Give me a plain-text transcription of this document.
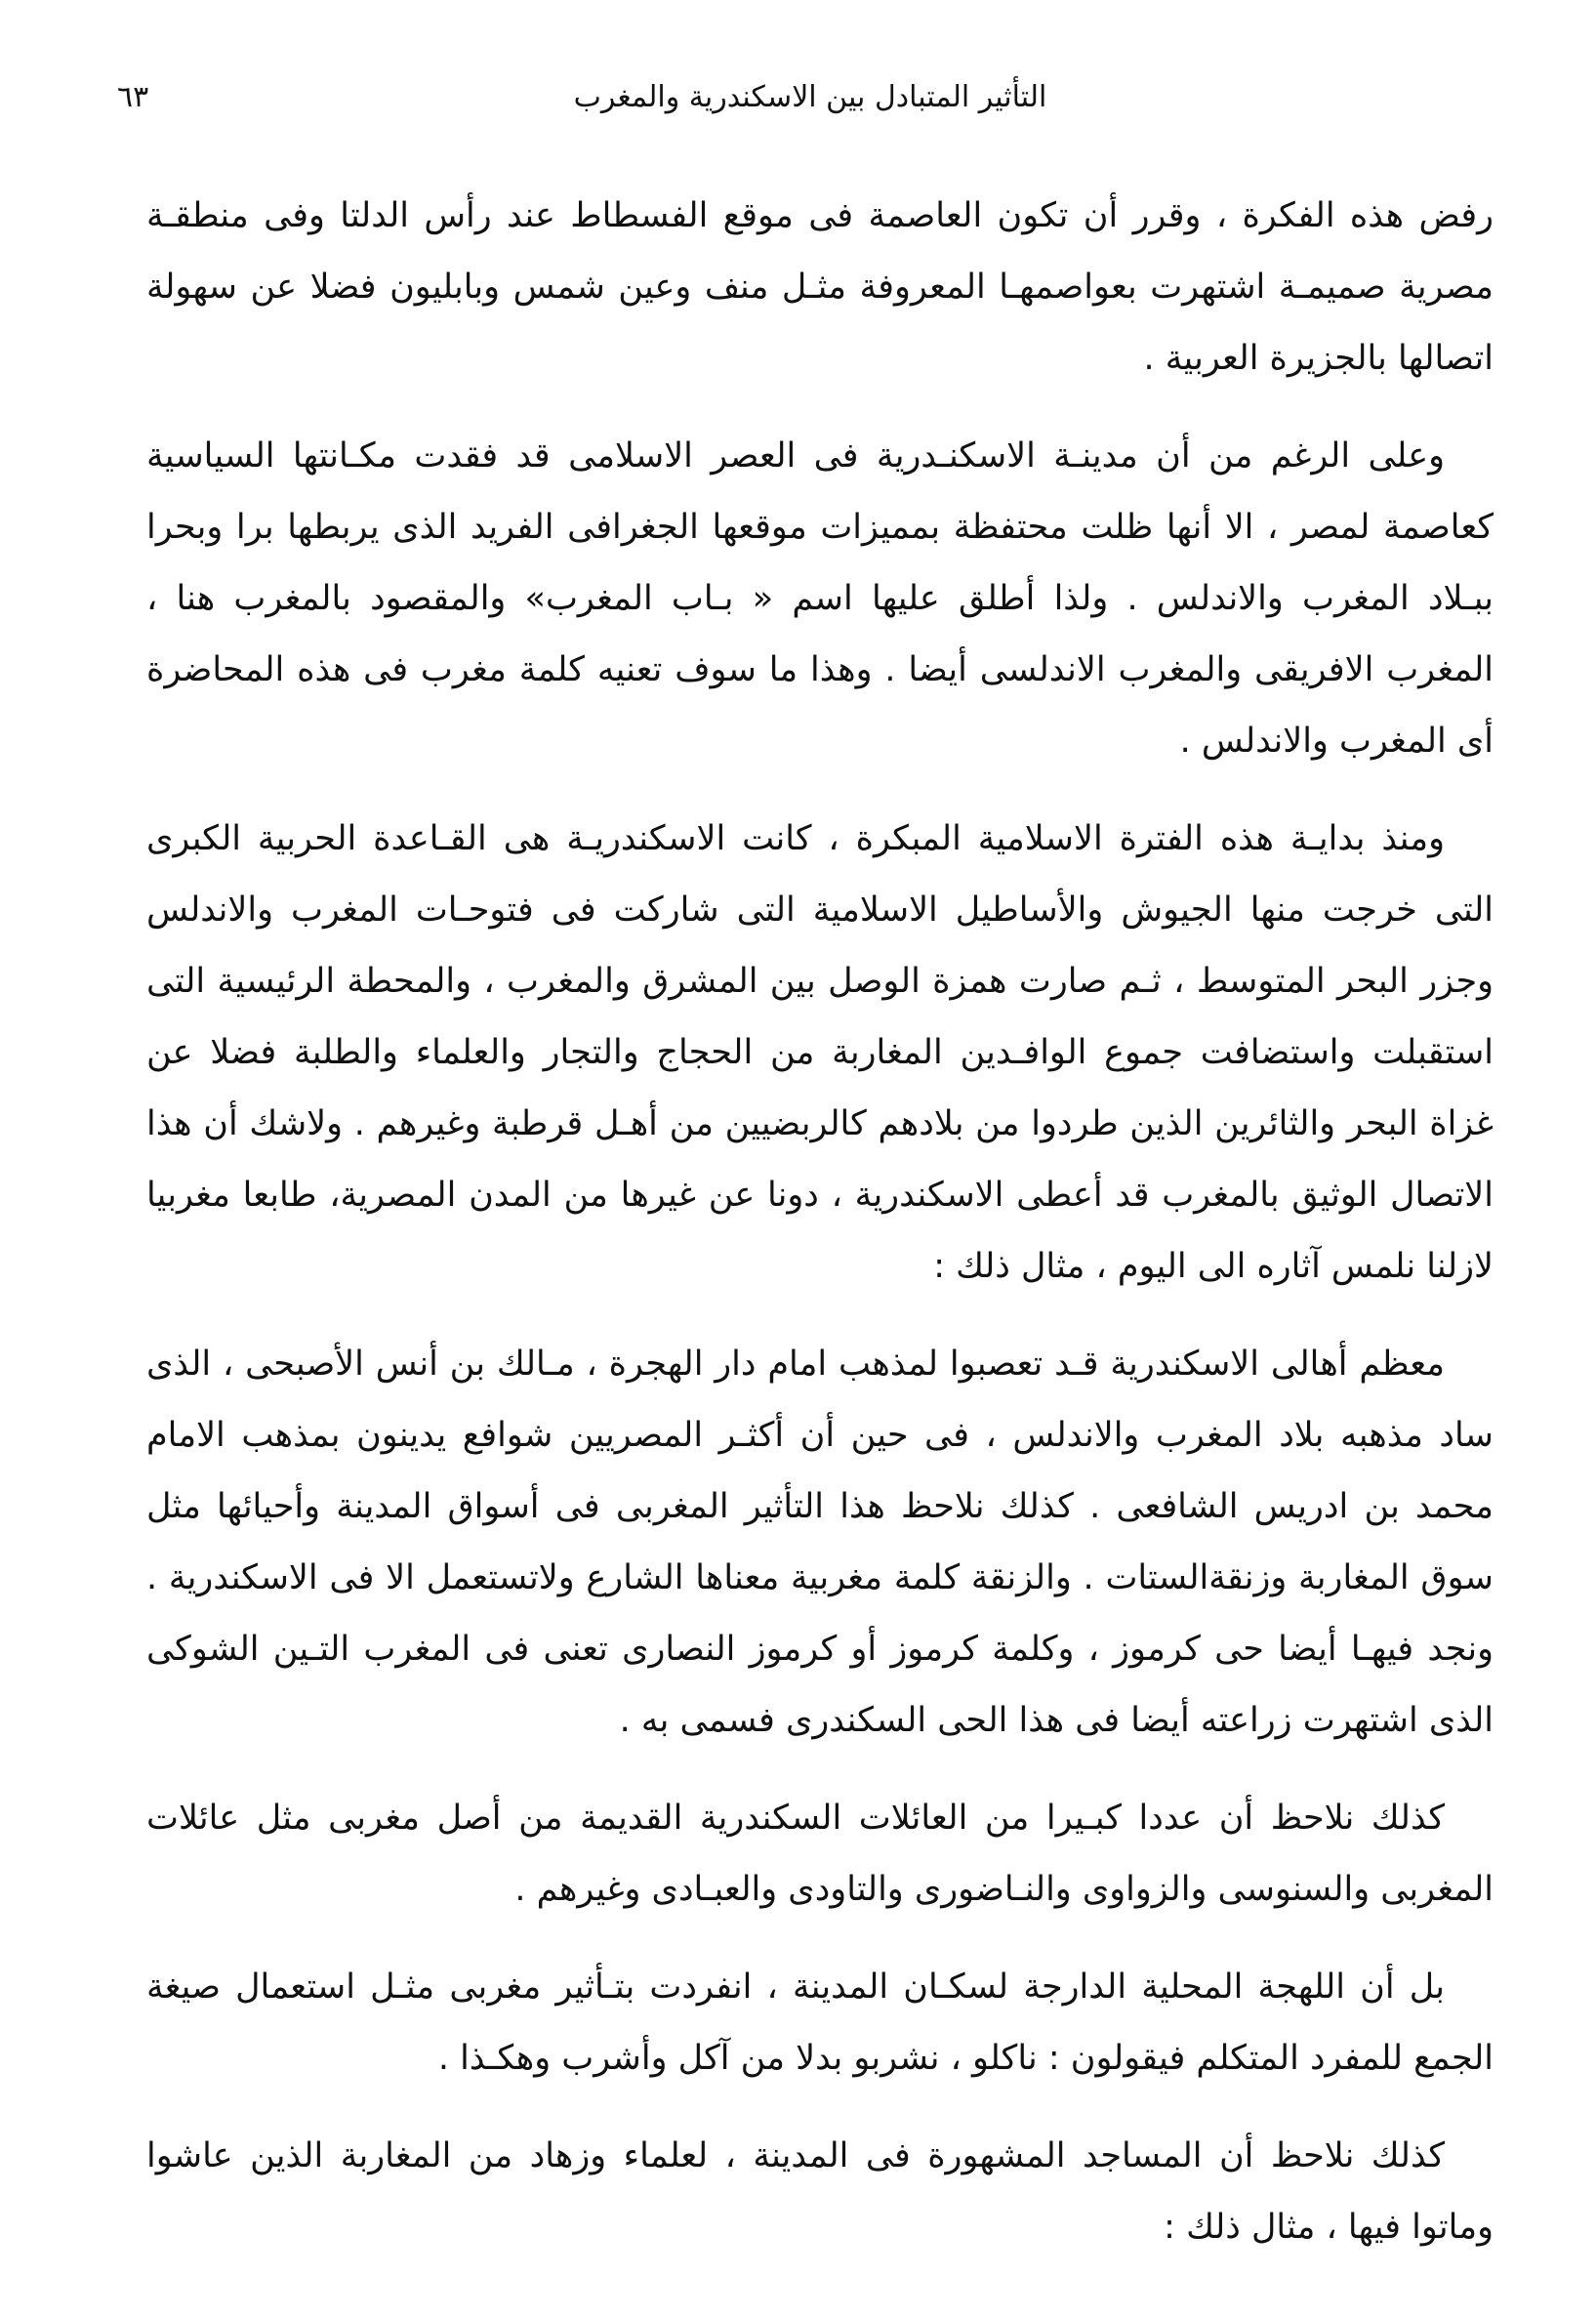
٦٣	التأثير المتبادل بين الاسكندرية والمغرب

رفض هذه الفكرة ، وقرر أن تكون العاصمة فى موقع الفسطاط عند رأس الدلتا وفى منطقـة مصرية صميمـة اشتهرت بعواصمهـا المعروفة مثـل منف وعين شمس وبابليون فضلا عن سهولة اتصالها بالجزيرة العربية .

وعلى الرغم من أن مدينـة الاسكنـدرية فى العصر الاسلامى قد فقدت مكـانتها السياسية كعاصمة لمصر ، الا أنها ظلت محتفظة بمميزات موقعها الجغرافى الفريد الذى يربطها برا وبحرا ببـلاد المغرب والاندلس . ولذا أطلق عليها اسم « بـاب المغرب» والمقصود بالمغرب هنا ، المغرب الافريقى والمغرب الاندلسى أيضا . وهذا ما سوف تعنيه كلمة مغرب فى هذه المحاضرة أى المغرب والاندلس .

ومنذ بدايـة هذه الفترة الاسلامية المبكرة ، كانت الاسكندريـة هى القـاعدة الحربية الكبرى التى خرجت منها الجيوش والأساطيل الاسلامية التى شاركت فى فتوحـات المغرب والاندلس وجزر البحر المتوسط ، ثـم صارت همزة الوصل بين المشرق والمغرب ، والمحطة الرئيسية التى استقبلت واستضافت جموع الوافـدين المغاربة من الحجاج والتجار والعلماء والطلبة فضلا عن غزاة البحر والثائرين الذين طردوا من بلادهم كالربضيين من أهـل قرطبة وغيرهم . ولاشك أن هذا الاتصال الوثيق بالمغرب قد أعطى الاسكندرية ، دونا عن غيرها من المدن المصرية، طابعا مغربيا لازلنا نلمس آثاره الى اليوم ، مثال ذلك :

معظم أهالى الاسكندرية قـد تعصبوا لمذهب امام دار الهجرة ، مـالك بن أنس الأصبحى ، الذى ساد مذهبه بلاد المغرب والاندلس ، فى حين أن أكثـر المصريين شوافع يدينون بمذهب الامام محمد بن ادريس الشافعى . كذلك نلاحظ هذا التأثير المغربى فى أسواق المدينة وأحيائها مثل سوق المغاربة وزنقةالستات . والزنقة كلمة مغربية معناها الشارع ولاتستعمل الا فى الاسكندرية . ونجد فيهـا أيضا حى كرموز ، وكلمة كرموز أو كرموز النصارى تعنى فى المغرب التـين الشوكى الذى اشتهرت زراعته أيضا فى هذا الحى السكندرى فسمى به .

كذلك نلاحظ أن عددا كبـيرا من العائلات السكندرية القديمة من أصل مغربى مثل عائلات المغربى والسنوسى والزواوى والنـاضورى والتاودى والعبـادى وغيرهم .

بل أن اللهجة المحلية الدارجة لسكـان المدينة ، انفردت بتـأثير مغربى مثـل استعمال صيغة الجمع للمفرد المتكلم فيقولون : ناكلو ، نشربو بدلا من آكل وأشرب وهكـذا .

كذلك نلاحظ أن المساجد المشهورة فى المدينة ، لعلماء وزهاد من المغاربة الذين عاشوا وماتوا فيها ، مثال ذلك :
